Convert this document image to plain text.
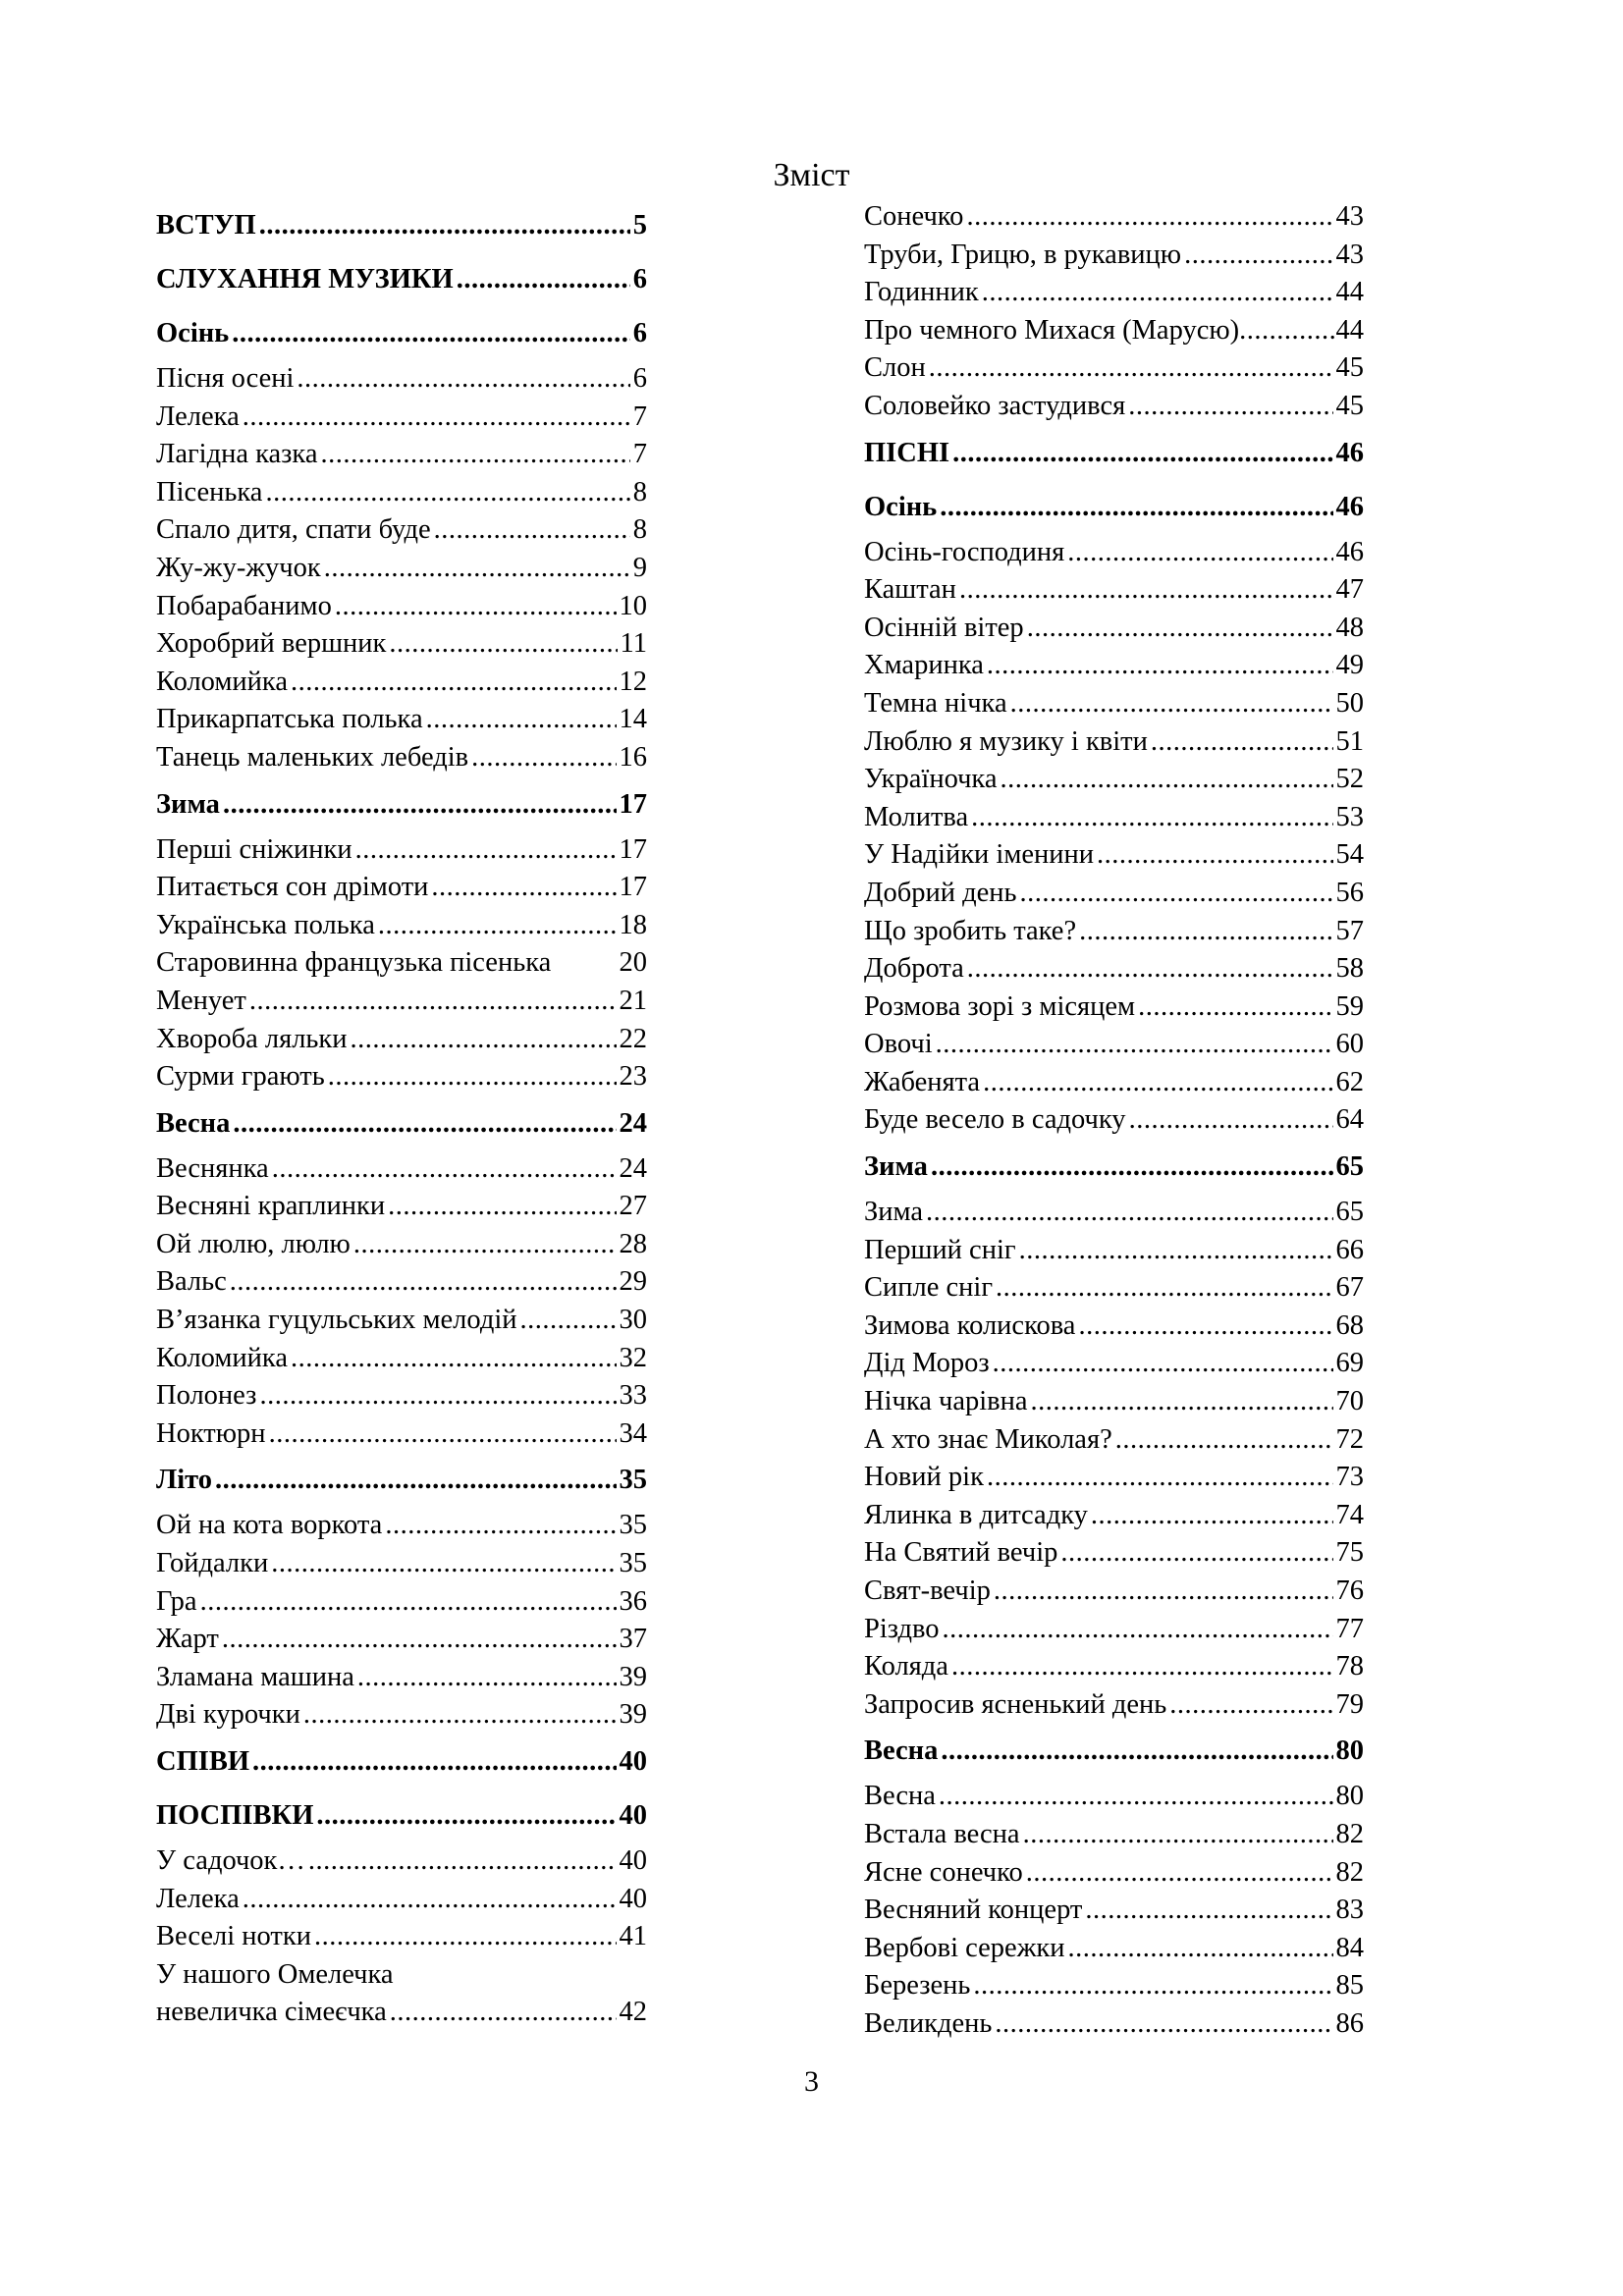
Зміст
ВСТУП .....	5
СЛУХАННЯ МУЗИКИ .....	6
Осінь .....	6
Пісня осені .....	6
Лелека .....	7
Лагідна казка .....	7
Пісенька .....	8
Спало дитя, спати буде .....	8
Жу-жу-жучок .....	9
Побарабанимо .....	10
Хоробрий вершник .....	11
Коломийка .....	12
Прикарпатська полька .....	14
Танець маленьких лебедів .....	16
Зима .....	17
Перші сніжинки .....	17
Питається сон дрімоти .....	17
Українська полька .....	18
Старовинна французька пісенька 20
Менует .....	21
Хвороба ляльки .....	22
Сурми грають .....	23
Весна .....	24
Веснянка .....	24
Весняні краплинки .....	27
Ой люлю, люлю .....	28
Вальс .....	29
В’язанка гуцульських мелодій .....	30
Коломийка .....	32
Полонез .....	33
Ноктюрн .....	34
Літо .....	35
Ой на кота воркота .....	35
Гойдалки .....	35
Гра .....	36
Жарт .....	37
Зламана машина .....	39
Дві курочки .....	39
СПІВИ .....	40
ПОСПІВКИ .....	40
У садочок… .....	40
Лелека .....	40
Веселі нотки .....	41
У нашого Омелечка
невеличка сімеєчка .....	42
Сонечко .....	43
Труби, Грицю, в рукавицю .....	43
Годинник .....	44
Про чемного Михася (Марусю) .....	44
Слон .....	45
Соловейко застудився .....	45
ПІСНІ .....	46
Осінь .....	46
Осінь-господиня .....	46
Каштан .....	47
Осінній вітер .....	48
Хмаринка .....	49
Темна нічка .....	50
Люблю я музику і квіти .....	51
Україночка .....	52
Молитва .....	53
У Надійки іменини .....	54
Добрий день .....	56
Що зробить таке? .....	57
Доброта .....	58
Розмова зорі з місяцем .....	59
Овочі .....	60
Жабенята .....	62
Буде весело в садочку .....	64
Зима .....	65
Зима .....	65
Перший сніг .....	66
Сипле сніг .....	67
Зимова колискова .....	68
Дід Мороз .....	69
Нічка чарівна .....	70
А хто знає Миколая? .....	72
Новий рік .....	73
Ялинка в дитсадку .....	74
На Святий вечір .....	75
Свят-вечір .....	76
Різдво .....	77
Коляда .....	78
Запросив ясненький день .....	79
Весна .....	80
Весна .....	80
Встала весна .....	82
Ясне сонечко .....	82
Весняний концерт .....	83
Вербові сережки .....	84
Березень .....	85
Великдень .....	86
3
